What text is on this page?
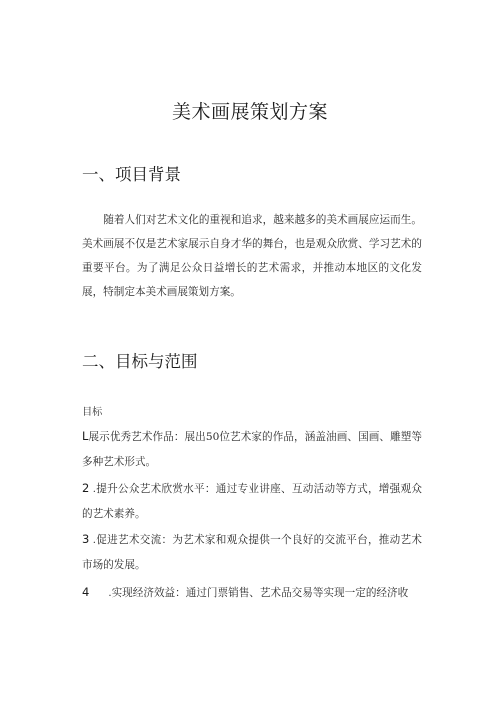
美术画展策划方案
一、项目背景
随着人们对艺术文化的重视和追求，越来越多的美术画展应运而生。美术画展不仅是艺术家展示自身才华的舞台，也是观众欣赏、学习艺术的重要平台。为了满足公众日益增长的艺术需求，并推动本地区的文化发展，特制定本美术画展策划方案。
二、目标与范围
目标
L展示优秀艺术作品：展出50位艺术家的作品，涵盖油画、国画、雕塑等多种艺术形式。
2 .提升公众艺术欣赏水平：通过专业讲座、互动活动等方式，增强观众的艺术素养。
3 .促进艺术交流：为艺术家和观众提供一个良好的交流平台，推动艺术市场的发展。
4      .实现经济效益：通过门票销售、艺术品交易等实现一定的经济收
